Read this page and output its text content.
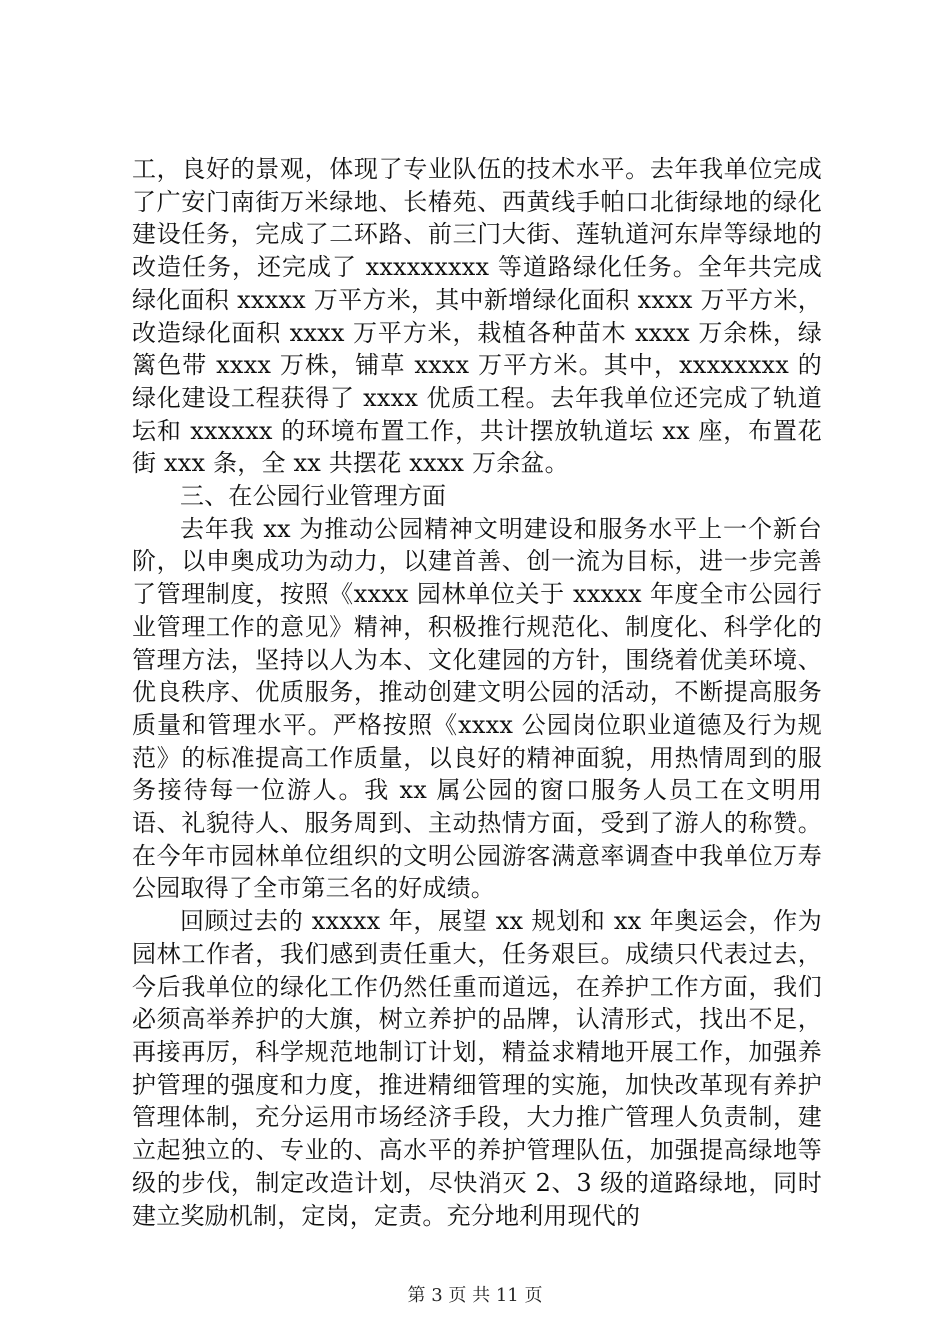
工，良好的景观，体现了专业队伍的技术水平。去年我单位完成了广安门南街万米绿地、长椿苑、西黄线手帕口北街绿地的绿化建设任务，完成了二环路、前三门大街、莲轨道河东岸等绿地的改造任务，还完成了 xxxxxxxxx 等道路绿化任务。全年共完成绿化面积 xxxxx 万平方米，其中新增绿化面积 xxxx 万平方米，改造绿化面积 xxxx 万平方米，栽植各种苗木 xxxx 万余株，绿篱色带 xxxx 万株，铺草 xxxx 万平方米。其中，xxxxxxxx 的绿化建设工程获得了 xxxx 优质工程。去年我单位还完成了轨道坛和 xxxxxx 的环境布置工作，共计摆放轨道坛 xx 座，布置花街 xxx 条，全 xx 共摆花 xxxx 万余盆。

三、在公园行业管理方面

去年我 xx 为推动公园精神文明建设和服务水平上一个新台阶，以申奥成功为动力，以建首善、创一流为目标，进一步完善了管理制度，按照《xxxx 园林单位关于 xxxxx 年度全市公园行业管理工作的意见》精神，积极推行规范化、制度化、科学化的管理方法，坚持以人为本、文化建园的方针，围绕着优美环境、优良秩序、优质服务，推动创建文明公园的活动，不断提高服务质量和管理水平。严格按照《xxxx 公园岗位职业道德及行为规范》的标准提高工作质量，以良好的精神面貌，用热情周到的服务接待每一位游人。我 xx 属公园的窗口服务人员工在文明用语、礼貌待人、服务周到、主动热情方面，受到了游人的称赞。在今年市园林单位组织的文明公园游客满意率调查中我单位万寿公园取得了全市第三名的好成绩。

回顾过去的 xxxxx 年，展望 xx 规划和 xx 年奥运会，作为园林工作者，我们感到责任重大，任务艰巨。成绩只代表过去，今后我单位的绿化工作仍然任重而道远，在养护工作方面，我们必须高举养护的大旗，树立养护的品牌，认清形式，找出不足，再接再厉，科学规范地制订计划，精益求精地开展工作，加强养护管理的强度和力度，推进精细管理的实施，加快改革现有养护管理体制，充分运用市场经济手段，大力推广管理人负责制，建立起独立的、专业的、高水平的养护管理队伍，加强提高绿地等级的步伐，制定改造计划，尽快消灭 2、3 级的道路绿地，同时建立奖励机制，定岗，定责。充分地利用现代的

第 3 页 共 11 页
